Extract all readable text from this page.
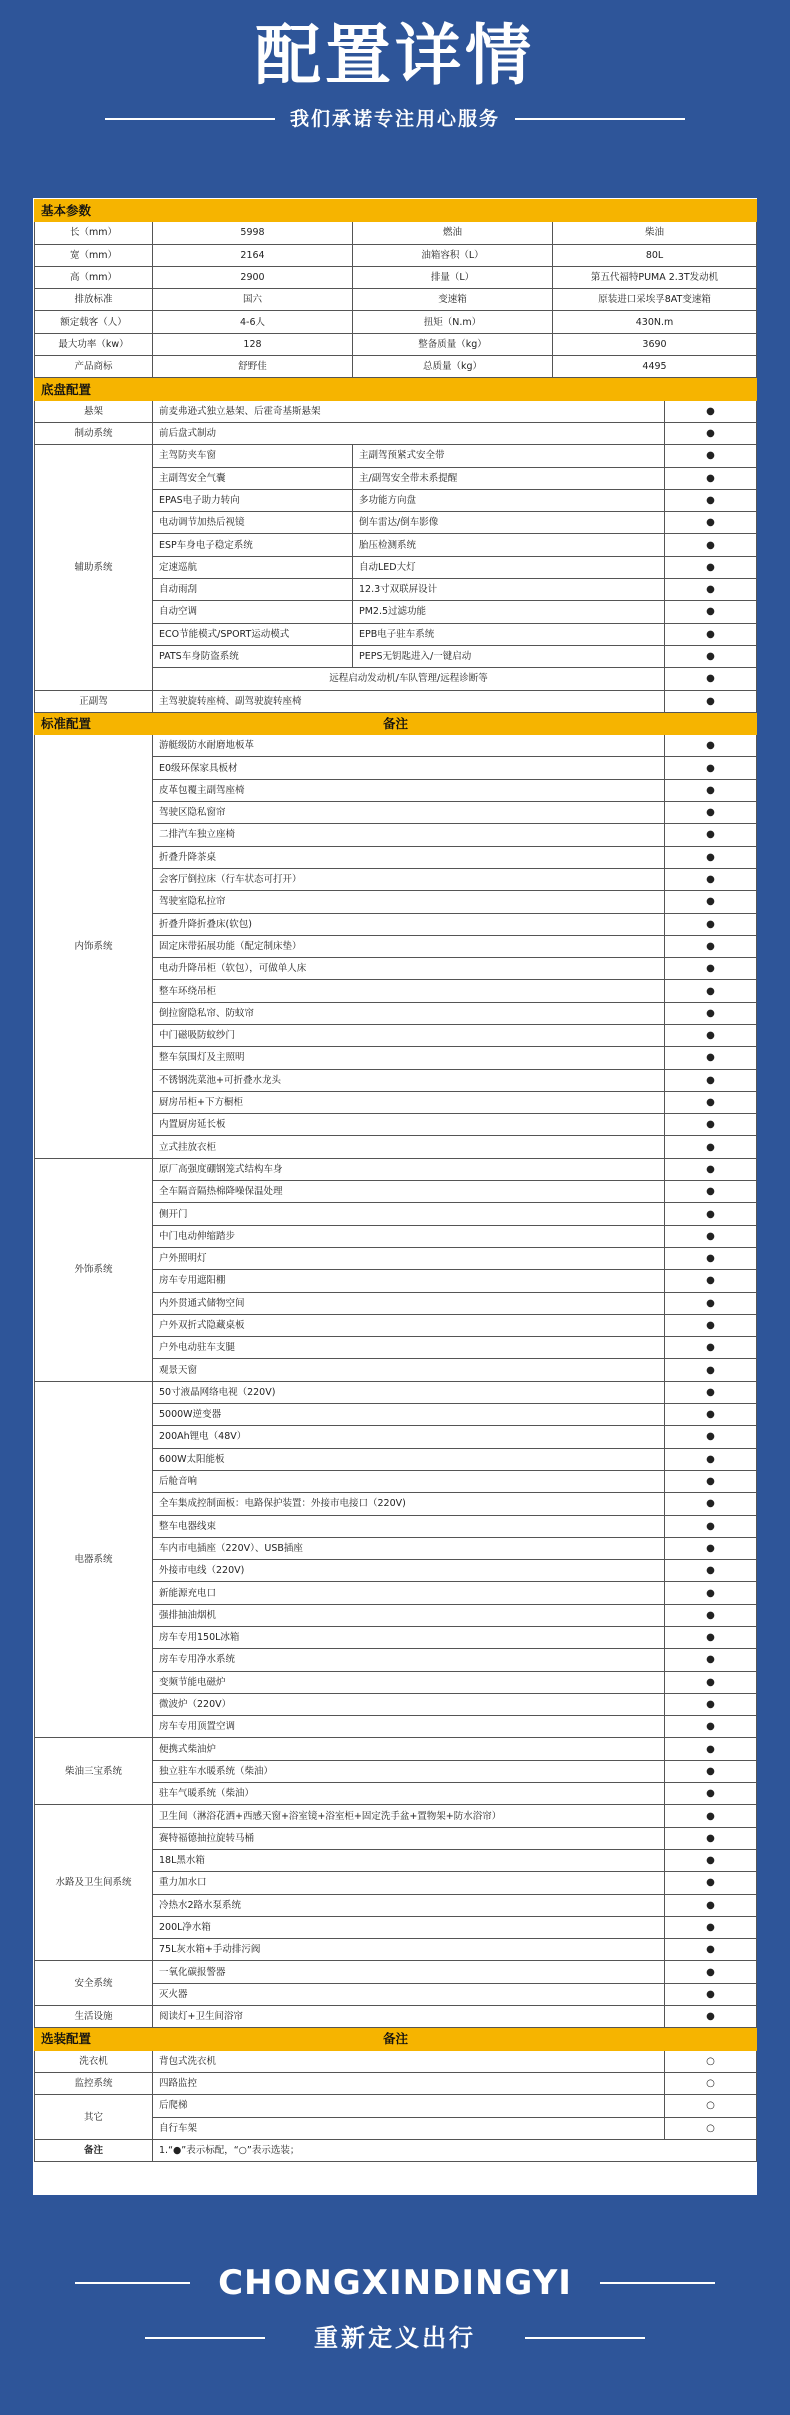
配置详情
我们承诺专注用心服务
基本参数				
长（mm）	5998	燃油	柴油	
宽（mm）	2164	油箱容积（L）	80L	
高（mm）	2900	排量（L）	第五代福特PUMA 2.3T发动机	
排放标准	国六	变速箱	原装进口采埃孚8AT变速箱	
额定载客（人）	4-6人	扭矩（N.m）	430N.m	
最大功率（kw）	128	整备质量（kg）	3690	
产品商标	舒野佳	总质量（kg）	4495	
底盘配置				
悬架	前麦弗逊式独立悬架、后霍奇基斯悬架			●
制动系统	前后盘式制动			●
辅助系统	主驾防夹车窗	主副驾预紧式安全带		●
	主副驾安全气囊	主/副驾安全带未系提醒		●
	EPAS电子助力转向	多功能方向盘		●
	电动调节加热后视镜	倒车雷达/倒车影像		●
	ESP车身电子稳定系统	胎压检测系统		●
	定速巡航	自动LED大灯		●
	自动雨刮	12.3寸双联屏设计		●
	自动空调	PM2.5过滤功能		●
	ECO节能模式/SPORT运动模式	EPB电子驻车系统		●
	PATS车身防盗系统	PEPS无钥匙进入/一键启动		●
	远程启动发动机/车队管理/远程诊断等			●
正副驾	主驾驶旋转座椅、副驾驶旋转座椅			●
标准配置		备注		
内饰系统	游艇级防水耐磨地板革			●
	E0级环保家具板材			●
	皮革包覆主副驾座椅			●
	驾驶区隐私窗帘			●
	二排汽车独立座椅			●
	折叠升降茶桌			●
	会客厅倒拉床（行车状态可打开）			●
	驾驶室隐私拉帘			●
	折叠升降折叠床(软包)			●
	固定床带拓展功能（配定制床垫）			●
	电动升降吊柜（软包），可做单人床			●
	整车环绕吊柜			●
	倒拉窗隐私帘、防蚊帘			●
	中门磁吸防蚊纱门			●
	整车氛围灯及主照明			●
	不锈钢洗菜池+可折叠水龙头			●
	厨房吊柜+下方橱柜			●
	内置厨房延长板			●
	立式挂放衣柜			●
外饰系统	原厂高强度硼钢笼式结构车身			●
	全车隔音隔热棉降噪保温处理			●
	侧开门			●
	中门电动伸缩踏步			●
	户外照明灯			●
	房车专用遮阳棚			●
	内外贯通式储物空间			●
	户外双折式隐藏桌板			●
	户外电动驻车支腿			●
	观景天窗			●
电器系统	50寸液晶网络电视（220V)			●
	5000W逆变器			●
	200Ah锂电（48V）			●
	600W太阳能板			●
	后舱音响			●
	全车集成控制面板：电路保护装置：外接市电接口（220V)			●
	整车电器线束			●
	车内市电插座（220V）、USB插座			●
	外接市电线（220V)			●
	新能源充电口			●
	强排抽油烟机			●
	房车专用150L冰箱			●
	房车专用净水系统			●
	变频节能电磁炉			●
	微波炉（220V）			●
	房车专用顶置空调			●
柴油三宝系统	便携式柴油炉			●
	独立驻车水暖系统（柴油）			●
	驻车气暖系统（柴油）			●
水路及卫生间系统	卫生间（淋浴花洒+西感天窗+浴室镜+浴室柜+固定洗手盆+置物架+防水浴帘）			●
	赛特福德抽拉旋转马桶			●
	18L黑水箱			●
	重力加水口			●
	冷热水2路水泵系统			●
	200L净水箱			●
	75L灰水箱+手动排污阀			●
安全系统	一氧化碳报警器			●
	灭火器			●
生活设施	阅读灯+卫生间浴帘			●
选装配置		备注		
洗衣机	背包式洗衣机			○
监控系统	四路监控			○
其它	后爬梯			○
	自行车架			○
备注	1.“●”表示标配，“○”表示选装；			
CHONGXINDINGYI
重新定义出行
